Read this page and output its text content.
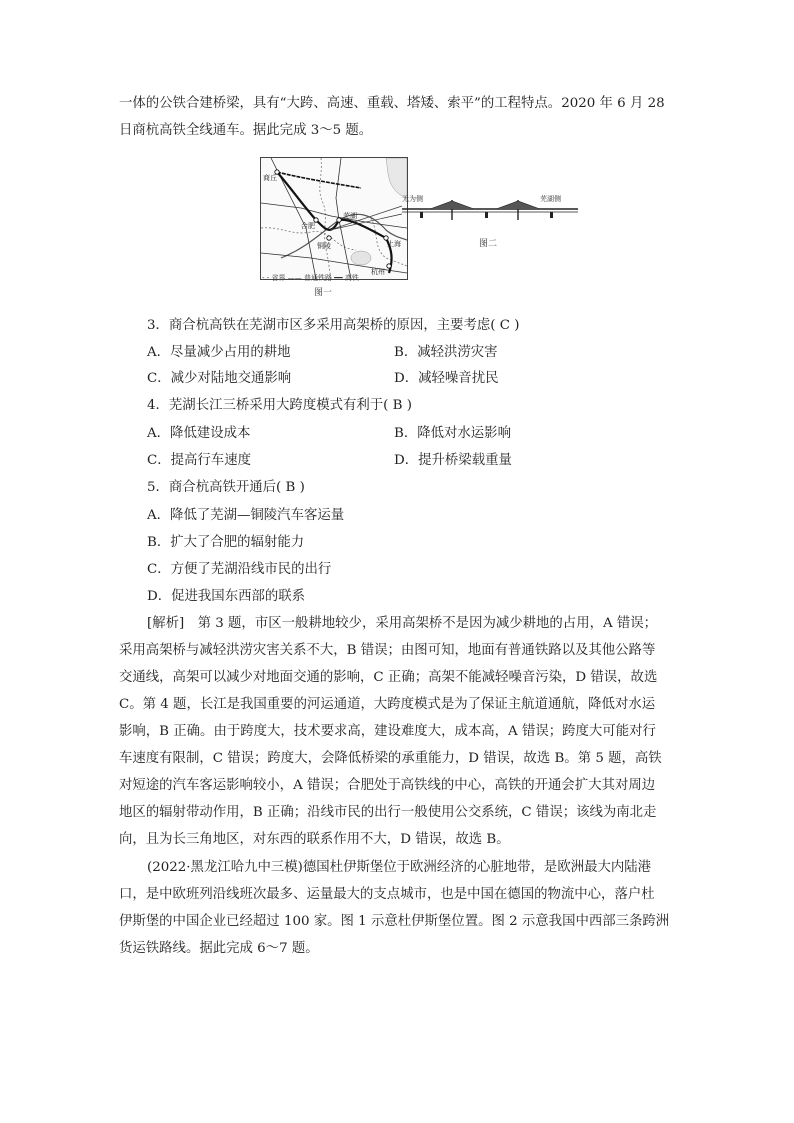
一体的公铁合建桥梁，具有“大跨、高速、重载、塔矮、索平”的工程特点。2020 年 6 月 28
日商杭高铁全线通车。据此完成 3～5 题。
商丘
合肥
芜湖
铜陵	上海
杭州
- - 省界 —— 普通铁路 ━━ 高铁
图一
无为侧	芜湖侧
图二
3．商合杭高铁在芜湖市区多采用高架桥的原因，主要考虑( C )
A．尽量减少占用的耕地	B．减轻洪涝灾害
C．减少对陆地交通影响	D．减轻噪音扰民
4．芜湖长江三桥采用大跨度模式有利于( B )
A．降低建设成本	B．降低对水运影响
C．提高行车速度	D．提升桥梁载重量
5．商合杭高铁开通后( B )
A．降低了芜湖—铜陵汽车客运量
B．扩大了合肥的辐射能力
C．方便了芜湖沿线市民的出行
D．促进我国东西部的联系
[解析]　第 3 题，市区一般耕地较少，采用高架桥不是因为减少耕地的占用，A 错误；
采用高架桥与减轻洪涝灾害关系不大，B 错误；由图可知，地面有普通铁路以及其他公路等
交通线，高架可以减少对地面交通的影响，C 正确；高架不能减轻噪音污染，D 错误，故选
C。第 4 题，长江是我国重要的河运通道，大跨度模式是为了保证主航道通航，降低对水运
影响，B 正确。由于跨度大，技术要求高，建设难度大，成本高，A 错误；跨度大可能对行
车速度有限制，C 错误；跨度大，会降低桥梁的承重能力，D 错误，故选 B。第 5 题，高铁
对短途的汽车客运影响较小，A 错误；合肥处于高铁线的中心，高铁的开通会扩大其对周边
地区的辐射带动作用，B 正确；沿线市民的出行一般使用公交系统，C 错误；该线为南北走
向，且为长三角地区，对东西的联系作用不大，D 错误，故选 B。
(2022·黑龙江哈九中三模)德国杜伊斯堡位于欧洲经济的心脏地带，是欧洲最大内陆港
口，是中欧班列沿线班次最多、运量最大的支点城市，也是中国在德国的物流中心，落户杜
伊斯堡的中国企业已经超过 100 家。图 1 示意杜伊斯堡位置。图 2 示意我国中西部三条跨洲
货运铁路线。据此完成 6～7 题。
